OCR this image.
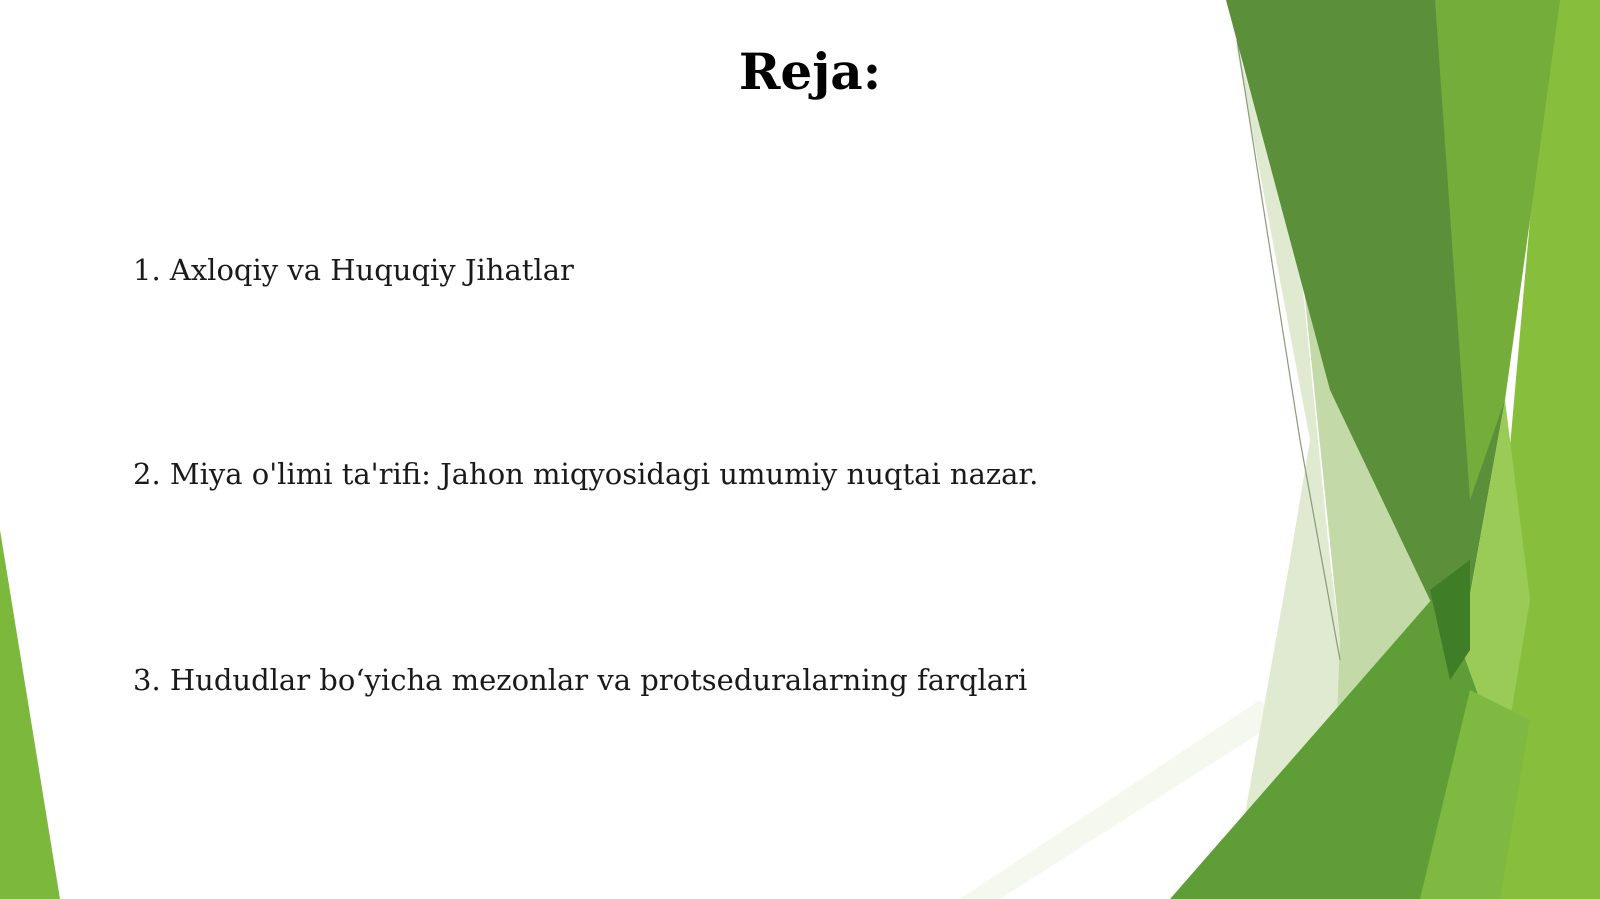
Reja:

1. Axloqiy va Huquqiy Jihatlar

2. Miya o'limi ta'rifi: Jahon miqyosidagi umumiy nuqtai nazar.

3. Hududlar bo‘yicha mezonlar va protseduralarning farqlari
